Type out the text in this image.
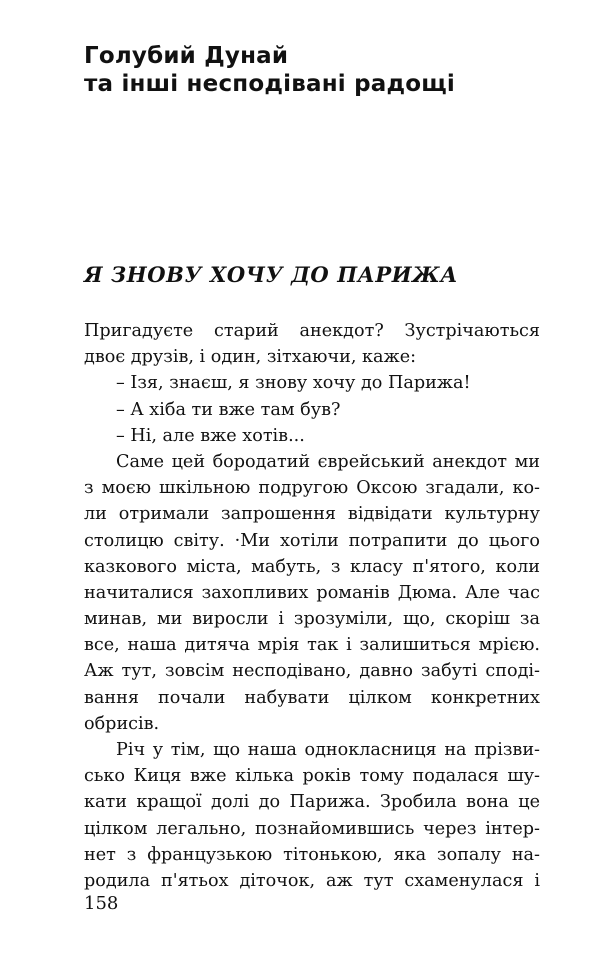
Голубий Дунай
та інші несподівані радощі
Я ЗНОВУ ХОЧУ ДО ПАРИЖА
Пригадуєте старий анекдот? Зустрічаються
двоє друзів, і один, зітхаючи, каже:
– Ізя, знаєш, я знову хочу до Парижа!
– А хіба ти вже там був?
– Ні, але вже хотів...
Саме цей бородатий єврейський анекдот ми
з моєю шкільною подругою Оксою згадали, ко-
ли отримали запрошення відвідати культурну
столицю світу. ·Ми хотіли потрапити до цього
казкового міста, мабуть, з класу п'ятого, коли
начиталися захопливих романів Дюма. Але час
минав, ми виросли і зрозуміли, що, скоріш за
все, наша дитяча мрія так і залишиться мрією.
Аж тут, зовсім несподівано, давно забуті споді-
вання почали набувати цілком конкретних
обрисів.
Річ у тім, що наша однокласниця на прізви-
сько Киця вже кілька років тому подалася шу-
кати кращої долі до Парижа. Зробила вона це
цілком легально, познайомившись через інтер-
нет з французькою тітонькою, яка зопалу на-
родила п'ятьох діточок, аж тут схаменулася і
158
